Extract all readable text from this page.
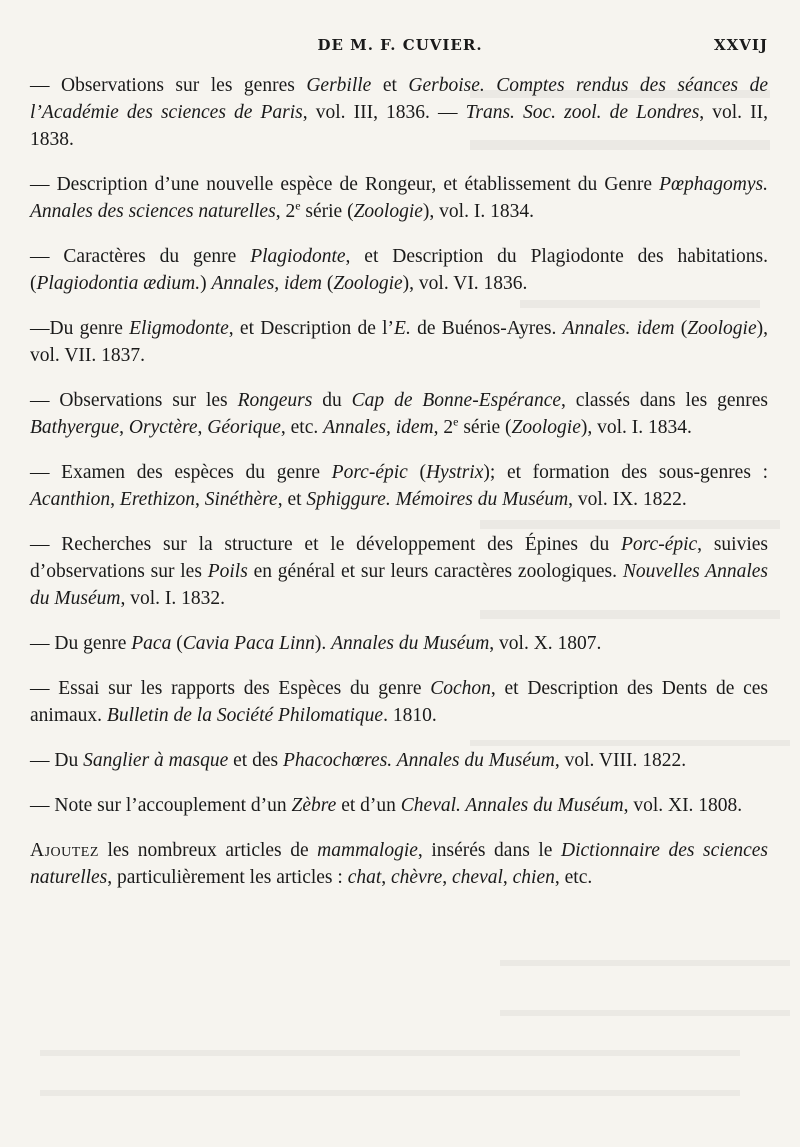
DE M. F. CUVIER.	XXVIJ

— Observations sur les genres Gerbille et Gerboise. Comptes rendus des séances de l’Académie des sciences de Paris, vol. III, 1836. — Trans. Soc. zool. de Londres, vol. II, 1838.

— Description d’une nouvelle espèce de Rongeur, et établissement du Genre Pœphagomys. Annales des sciences naturelles, 2e série (Zoologie), vol. I. 1834.

— Caractères du genre Plagiodonte, et Description du Plagiodonte des habitations. (Plagiodontia ædium.) Annales, idem (Zoologie), vol. VI. 1836.

—Du genre Eligmodonte, et Description de l’E. de Buénos-Ayres. Annales. idem (Zoologie), vol. VII. 1837.

— Observations sur les Rongeurs du Cap de Bonne-Espérance, classés dans les genres Bathyergue, Oryctère, Géorique, etc. Annales, idem, 2e série (Zoologie), vol. I. 1834.

— Examen des espèces du genre Porc-épic (Hystrix); et formation des sous-genres : Acanthion, Erethizon, Sinéthère, et Sphiggure. Mémoires du Muséum, vol. IX. 1822.

— Recherches sur la structure et le développement des Épines du Porc-épic, suivies d’observations sur les Poils en général et sur leurs caractères zoologiques. Nouvelles Annales du Muséum, vol. I. 1832.

— Du genre Paca (Cavia Paca Linn). Annales du Muséum, vol. X. 1807.

— Essai sur les rapports des Espèces du genre Cochon, et Description des Dents de ces animaux. Bulletin de la Société Philomatique. 1810.

— Du Sanglier à masque et des Phacochœres. Annales du Muséum, vol. VIII. 1822.

— Note sur l’accouplement d’un Zèbre et d’un Cheval. Annales du Muséum, vol. XI. 1808.

Ajoutez les nombreux articles de mammalogie, insérés dans le Dictionnaire des sciences naturelles, particulièrement les articles : chat, chèvre, cheval, chien, etc.
